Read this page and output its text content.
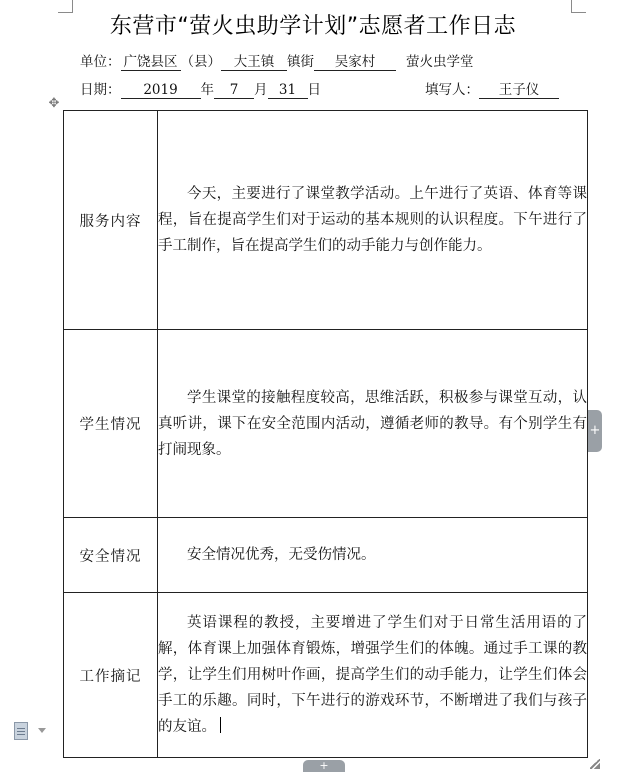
东营市“萤火虫助学计划”志愿者工作日志
单位： 广饶县区 （县） 大王镇 镇街 吴家村 萤火虫学堂
日期： 2019 年 7 月 31 日	填写人： 王子仪
✥
服务内容	今天，主要进行了课堂教学活动。上午进行了英语、体育等课程，旨在提高学生们对于运动的基本规则的认识程度。下午进行了手工制作，旨在提高学生们的动手能力与创作能力。

学生情况	学生课堂的接触程度较高，思维活跃，积极参与课堂互动，认真听讲，课下在安全范围内活动，遵循老师的教导。有个别学生有打闹现象。

安全情况	安全情况优秀，无受伤情况。

工作摘记	英语课程的教授，主要增进了学生们对于日常生活用语的了解，体育课上加强体育锻炼，增强学生们的体魄。通过手工课的教学，让学生们用树叶作画，提高学生们的动手能力，让学生们体会手工的乐趣。同时，下午进行的游戏环节，不断增进了我们与孩子的友谊。

+
+
